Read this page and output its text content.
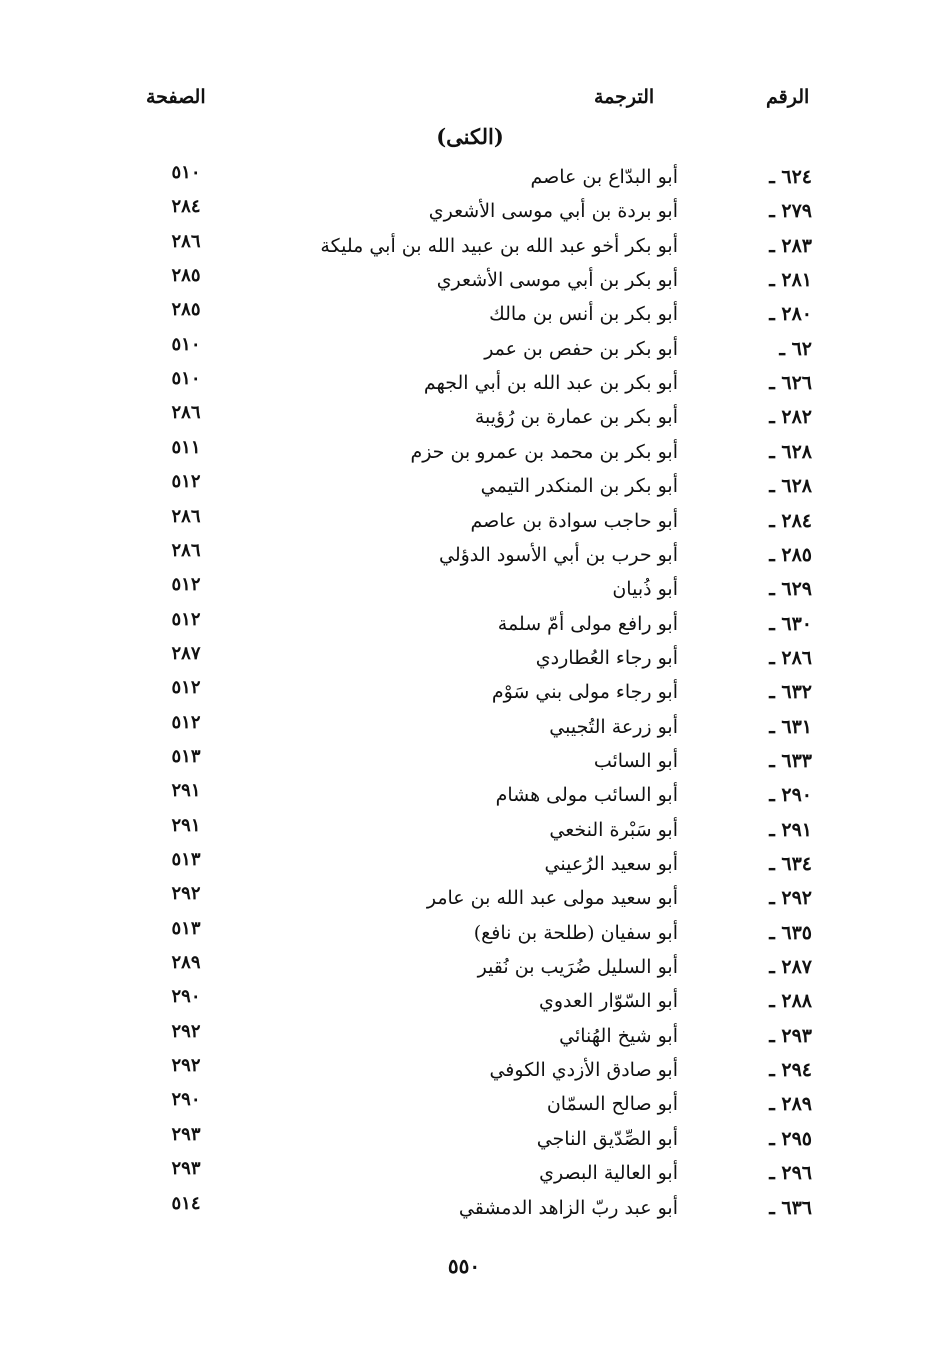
الرقم
الترجمة
الصفحة
(الكنى)
٦٢٤ ـ
أبو البدّاع بن عاصم
٥١٠
٢٧٩ ـ
أبو بردة بن أبي موسى الأشعري
٢٨٤
٢٨٣ ـ
أبو بكر أخو عبد الله بن عبيد الله بن أبي مليكة
٢٨٦
٢٨١ ـ
أبو بكر بن أبي موسى الأشعري
٢٨٥
٢٨٠ ـ
أبو بكر بن أنس بن مالك
٢٨٥
٦٢ ـ
أبو بكر بن حفص بن عمر
٥١٠
٦٢٦ ـ
أبو بكر بن عبد الله بن أبي الجهم
٥١٠
٢٨٢ ـ
أبو بكر بن عمارة بن رُؤيبة
٢٨٦
٦٢٨ ـ
أبو بكر بن محمد بن عمرو بن حزم
٥١١
٦٢٨ ـ
أبو بكر بن المنكدر التيمي
٥١٢
٢٨٤ ـ
أبو حاجب سوادة بن عاصم
٢٨٦
٢٨٥ ـ
أبو حرب بن أبي الأسود الدؤلي
٢٨٦
٦٢٩ ـ
أبو ذُبيان
٥١٢
٦٣٠ ـ
أبو رافع مولى أمّ سلمة
٥١٢
٢٨٦ ـ
أبو رجاء العُطاردي
٢٨٧
٦٣٢ ـ
أبو رجاء مولى بني سَوْم
٥١٢
٦٣١ ـ
أبو زرعة التُجيبي
٥١٢
٦٣٣ ـ
أبو السائب
٥١٣
٢٩٠ ـ
أبو السائب مولى هشام
٢٩١
٢٩١ ـ
أبو سَبْرة النخعي
٢٩١
٦٣٤ ـ
أبو سعيد الرُعيني
٥١٣
٢٩٢ ـ
أبو سعيد مولى عبد الله بن عامر
٢٩٢
٦٣٥ ـ
أبو سفيان (طلحة بن نافع)
٥١٣
٢٨٧ ـ
أبو السليل ضُرَيب بن نُقير
٢٨٩
٢٨٨ ـ
أبو السّوّار العدوي
٢٩٠
٢٩٣ ـ
أبو شيخ الهُنائي
٢٩٢
٢٩٤ ـ
أبو صادق الأزدي الكوفي
٢٩٢
٢٨٩ ـ
أبو صالح السمّان
٢٩٠
٢٩٥ ـ
أبو الصِّدّيق الناجي
٢٩٣
٢٩٦ ـ
أبو العالية البصري
٢٩٣
٦٣٦ ـ
أبو عبد ربّ الزاهد الدمشقي
٥١٤
٥٥٠
